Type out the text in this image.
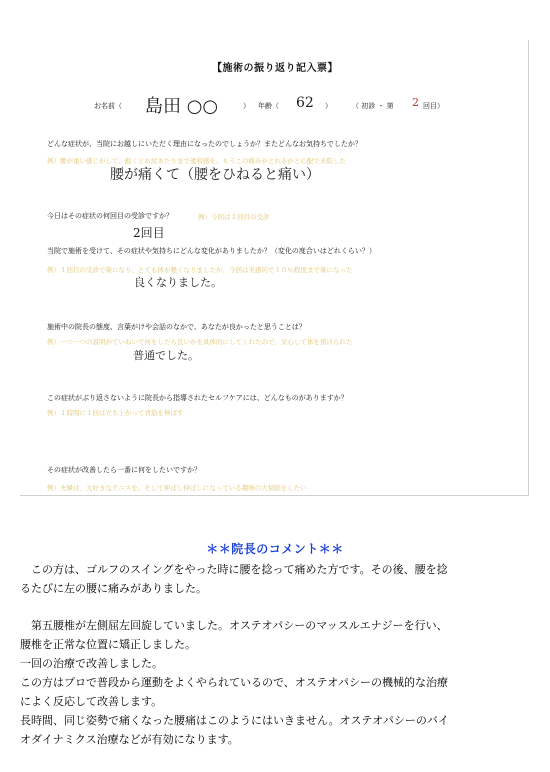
【施術の振り返り記入票】
お名前（ 島田 ○○	） 年齢（ 62 ）	（ 初診 ・ 第 2 回目）
どんな症状が、当院にお越しにいただく理由になったのでしょうか？またどんなお気持ちでしたか？
例）腰が重い感じがして、動くとお尻あたりまで違和感を、もうこの痛みがとれるかと心配で来院した
腰が痛くて（腰をひねると痛い）
今日はその症状の何回目の受診ですか？	例）今回は２回目の受診
2回目
当院で施術を受けて、その症状や気持ちにどんな変化がありましたか？（変化の度合いはどれくらい？）
例）１回目の受診で楽になり、とても体が軽くなりましたが、今回は実感的で１０％程度まで楽になった
良くなりました。
施術中の院長の態度、言葉がけや会話のなかで、あなたが良かったと思うことは？
例）一つ一つの説明がていねいで何をしたら良いかを具体的にしてくれたので、安心して体を預けられた
普通でした。
この症状がぶり返さないように院長から指導されたセルフケアには、どんなものがありますか？
例）１時間に１回は立ち上がって背筋を伸ばす
その症状が改善したら一番に何をしたいですか？
例）夫婦は、大好きなテニスを。そして伸ばし伸ばしになっている趣味の大掃除をしたい
＊＊院長のコメント＊＊
　この方は、ゴルフのスイングをやった時に腰を捻って痛めた方です。その後、腰を捻
るたびに左の腰に痛みがありました。
　第五腰椎が左側屈左回旋していました。オステオパシーのマッスルエナジーを行い、
腰椎を正常な位置に矯正しました。
一回の治療で改善しました。
この方はプロで普段から運動をよくやられているので、オステオパシーの機械的な治療
によく反応して改善します。
長時間、同じ姿勢で痛くなった腰痛はこのようにはいきません。オステオパシーのバイ
オダイナミクス治療などが有効になります。
